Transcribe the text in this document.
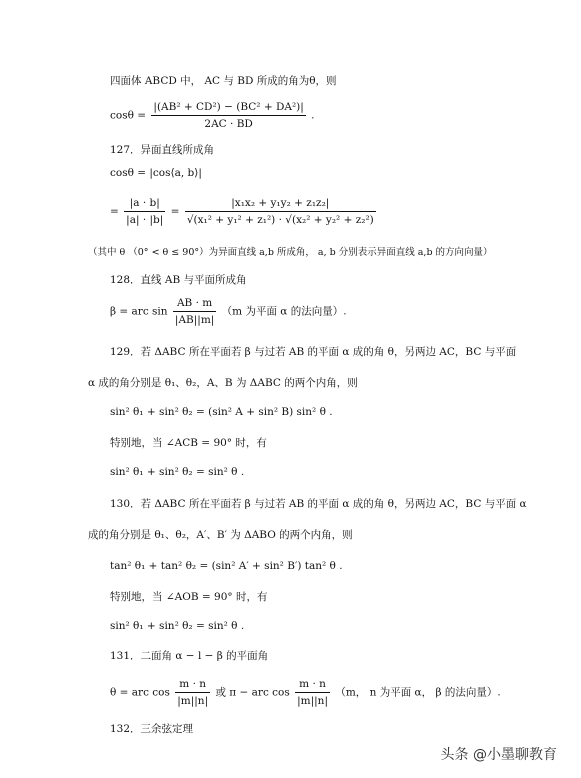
四面体 ABCD 中， AC 与 BD 所成的角为θ，则
$\cos\theta = \frac{\text{|(AB² + CD²) − (BC² + DA²)|}}{2AC \cdot BD}$ .
127．异面直线所成角
cosθ = |cos⟨a, b⟩|
= $\frac{|a \cdot b|}{|a| \cdot |b|} = \frac{\text{|x₁x₂ + y₁y₂ + z₁z₂|}}{\text{√(x₁² + y₁² + z₁²) · √(x₂² + y₂² + z₂²)}}$
（其中 θ （0° < θ ≤ 90°）为异面直线 a,b 所成角， a, b 分别表示异面直线 a,b 的方向向量）
128．直线 AB 与平面所成角
β = arc $\sin \frac{AB \cdot m}{|AB||m|} (m$ 为平面 α 的法向量）.
129．若 ΔABC 所在平面若 β 与过若 AB 的平面 α 成的角 θ，另两边 AC，BC 与平面
α 成的角分别是 θ₁、θ₂，A、B 为 ΔABC 的两个内角，则
sin² θ₁ + sin² θ₂ = (sin² A + sin² B) sin² θ .
特别地，当 ∠ACB = 90° 时，有
sin² θ₁ + sin² θ₂ = sin² θ .
130．若 ΔABC 所在平面若 β 与过若 AB 的平面 α 成的角 θ，另两边 AC，BC 与平面 α
成的角分别是 θ₁、θ₂，A′、B′ 为 ΔABO 的两个内角，则
tan² θ₁ + tan² θ₂ = (sin² A′ + sin² B′) tan² θ .
特别地，当 ∠AOB = 90° 时，有
sin² θ₁ + sin² θ₂ = sin² θ .
131．二面角 α − l − β 的平面角
θ = arc $\cos \frac{m \cdot n}{|m||n|}$ 或 π − arc $\cos \frac{m \cdot n}{|m||n|} (m$， n 为平面 α， β 的法向量）.
132．三余弦定理
头条 @小墨聊教育
